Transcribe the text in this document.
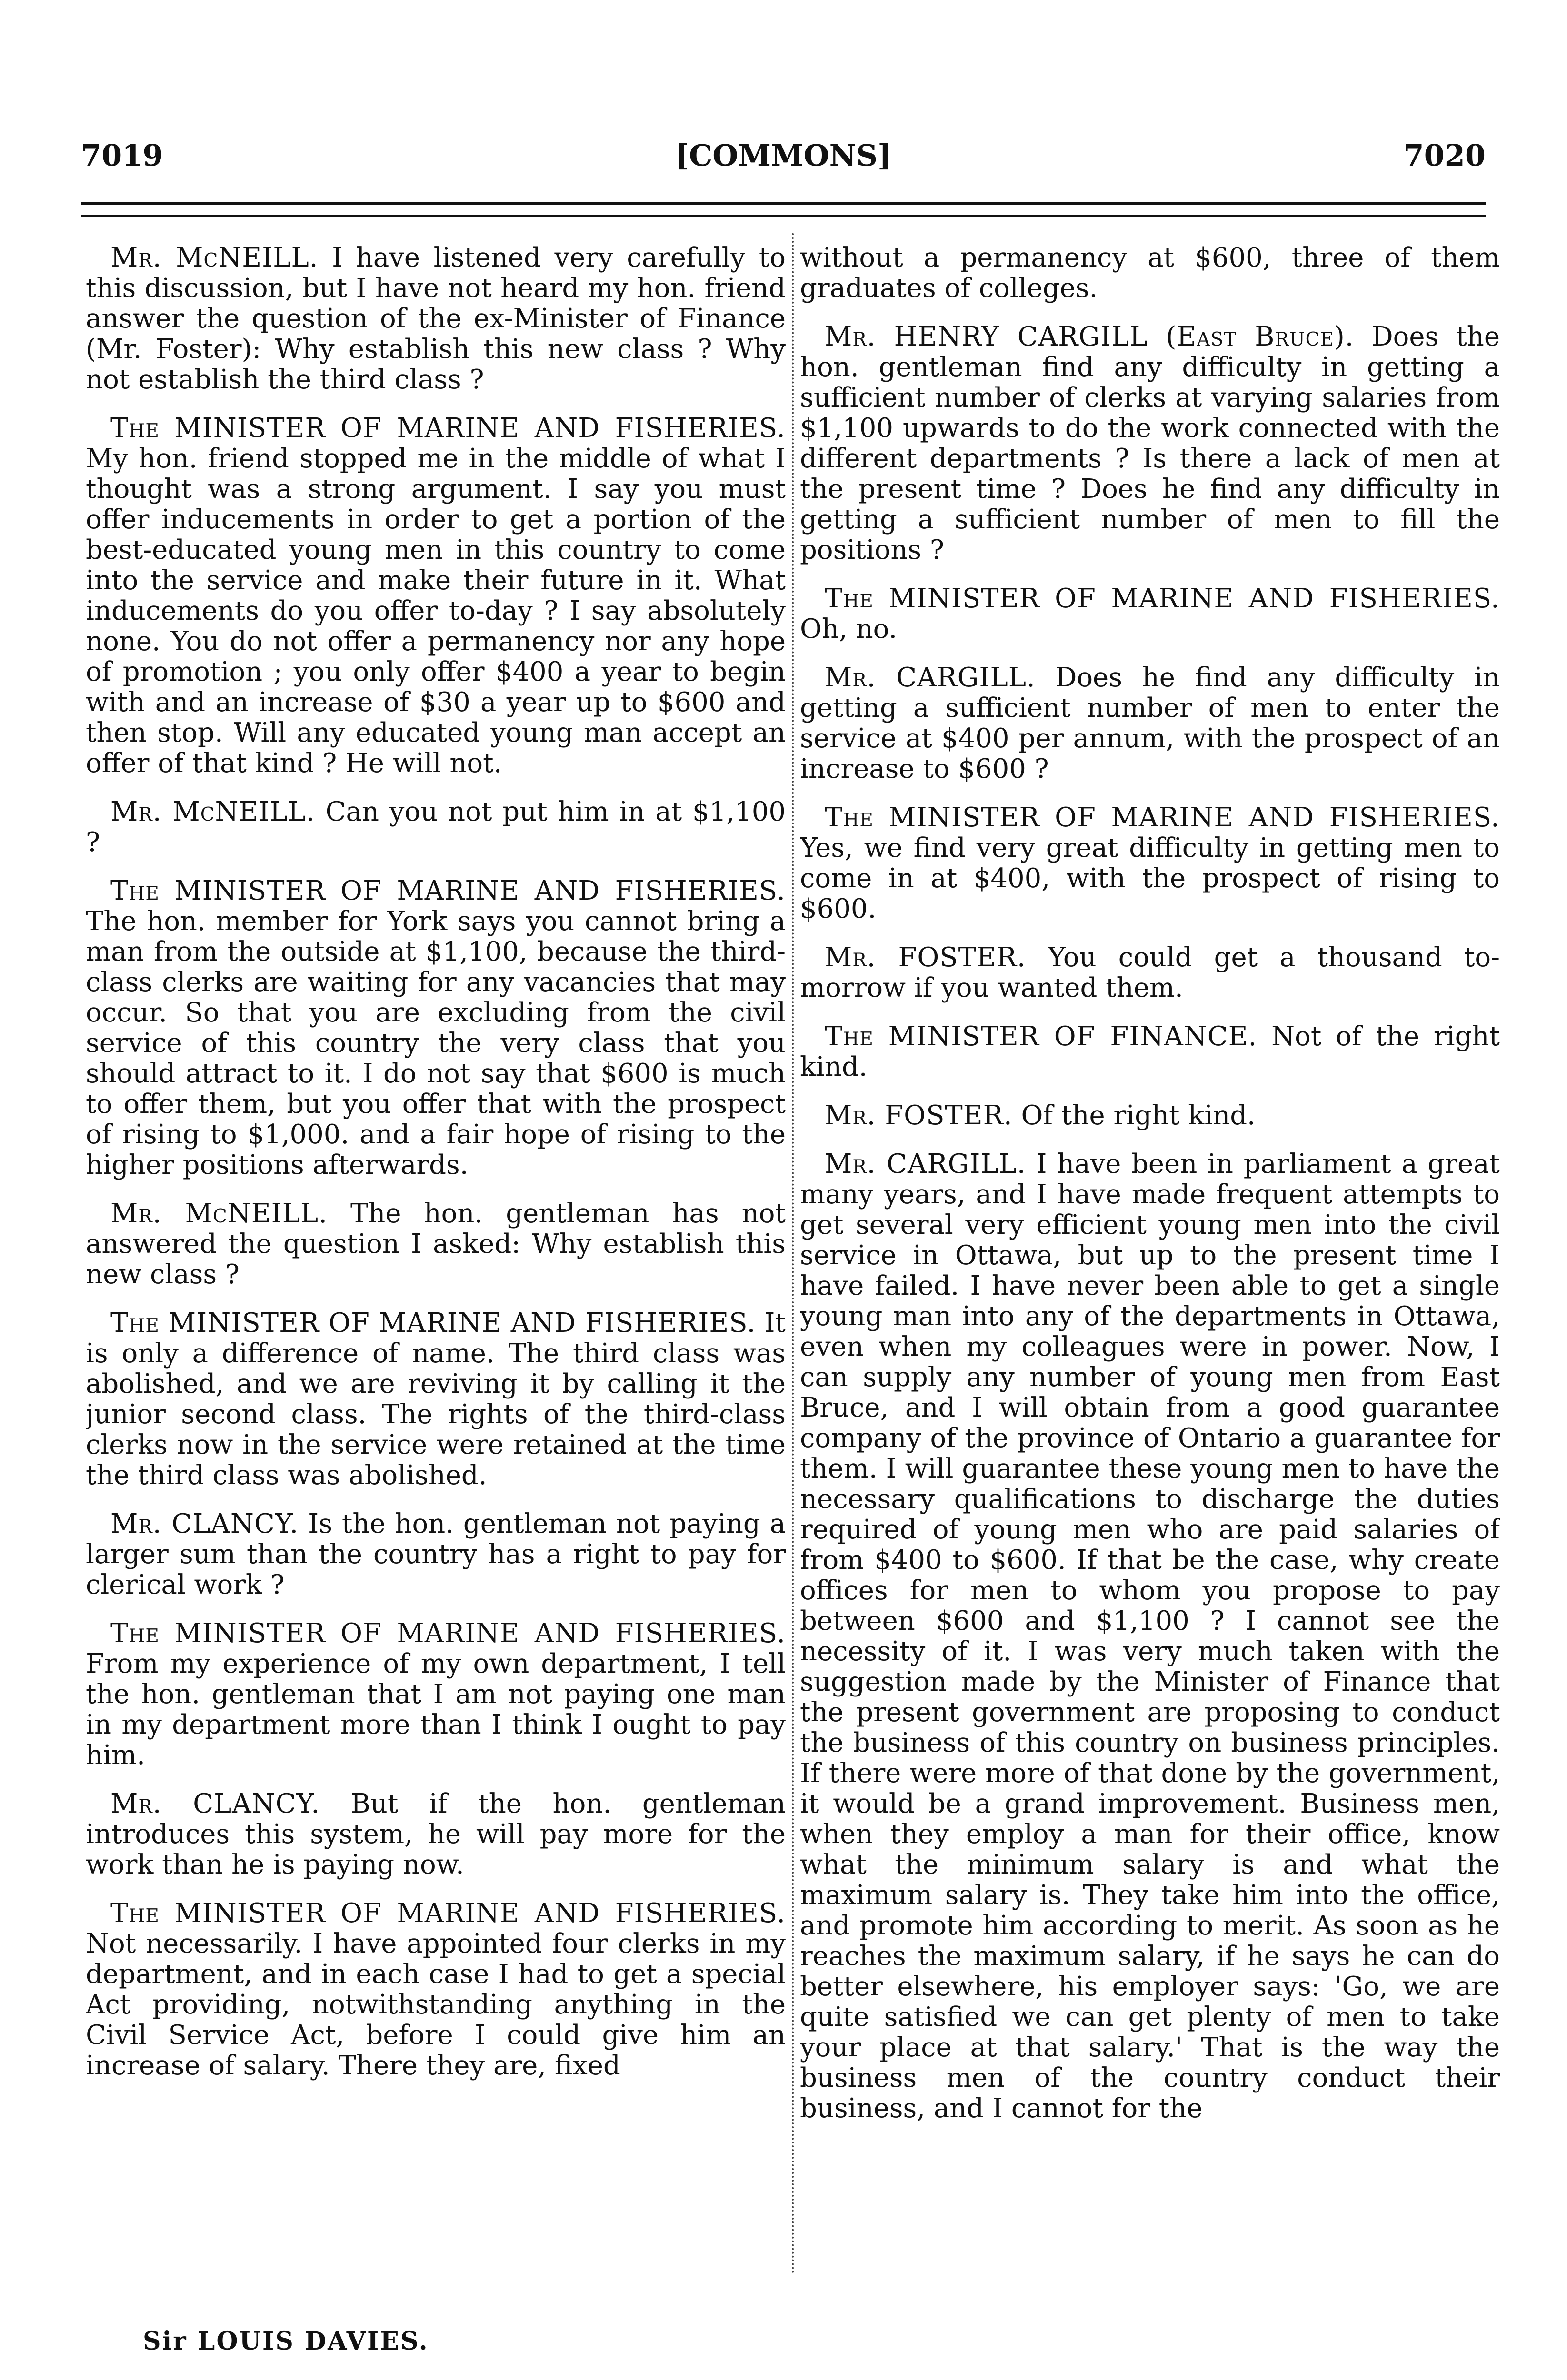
[COMMONS]
7019	7020

Mr. McNEILL. I have listened very carefully to this discussion, but I have not heard my hon. friend answer the question of the ex-Minister of Finance (Mr. Foster): Why establish this new class ? Why not establish the third class ?

The MINISTER OF MARINE AND FISHERIES. My hon. friend stopped me in the middle of what I thought was a strong argument. I say you must offer inducements in order to get a portion of the best-educated young men in this country to come into the service and make their future in it. What inducements do you offer to-day ? I say absolutely none. You do not offer a permanency nor any hope of promotion ; you only offer $400 a year to begin with and an increase of $30 a year up to $600 and then stop. Will any educated young man accept an offer of that kind ? He will not.

Mr. McNEILL. Can you not put him in at $1,100 ?

The MINISTER OF MARINE AND FISHERIES. The hon. member for York says you cannot bring a man from the outside at $1,100, because the third-class clerks are waiting for any vacancies that may occur. So that you are excluding from the civil service of this country the very class that you should attract to it. I do not say that $600 is much to offer them, but you offer that with the prospect of rising to $1,000. and a fair hope of rising to the higher positions afterwards.

Mr. McNEILL. The hon. gentleman has not answered the question I asked: Why establish this new class ?

The MINISTER OF MARINE AND FISHERIES. It is only a difference of name. The third class was abolished, and we are reviving it by calling it the junior second class. The rights of the third-class clerks now in the service were retained at the time the third class was abolished.

Mr. CLANCY. Is the hon. gentleman not paying a larger sum than the country has a right to pay for clerical work ?

The MINISTER OF MARINE AND FISHERIES. From my experience of my own department, I tell the hon. gentleman that I am not paying one man in my department more than I think I ought to pay him.

Mr. CLANCY. But if the hon. gentleman introduces this system, he will pay more for the work than he is paying now.

The MINISTER OF MARINE AND FISHERIES. Not necessarily. I have appointed four clerks in my department, and in each case I had to get a special Act providing, notwithstanding anything in the Civil Service Act, before I could give him an increase of salary. There they are, fixed

without a permanency at $600, three of them graduates of colleges.

Mr. HENRY CARGILL (East Bruce). Does the hon. gentleman find any difficulty in getting a sufficient number of clerks at varying salaries from $1,100 upwards to do the work connected with the different departments ? Is there a lack of men at the present time ? Does he find any difficulty in getting a sufficient number of men to fill the positions ?

The MINISTER OF MARINE AND FISHERIES. Oh, no.

Mr. CARGILL. Does he find any difficulty in getting a sufficient number of men to enter the service at $400 per annum, with the prospect of an increase to $600 ?

The MINISTER OF MARINE AND FISHERIES. Yes, we find very great difficulty in getting men to come in at $400, with the prospect of rising to $600.

Mr. FOSTER. You could get a thousand to-morrow if you wanted them.

The MINISTER OF FINANCE. Not of the right kind.

Mr. FOSTER. Of the right kind.

Mr. CARGILL. I have been in parliament a great many years, and I have made frequent attempts to get several very efficient young men into the civil service in Ottawa, but up to the present time I have failed. I have never been able to get a single young man into any of the departments in Ottawa, even when my colleagues were in power. Now, I can supply any number of young men from East Bruce, and I will obtain from a good guarantee company of the province of Ontario a guarantee for them. I will guarantee these young men to have the necessary qualifications to discharge the duties required of young men who are paid salaries of from $400 to $600. If that be the case, why create offices for men to whom you propose to pay between $600 and $1,100 ? I cannot see the necessity of it. I was very much taken with the suggestion made by the Minister of Finance that the present government are proposing to conduct the business of this country on business principles. If there were more of that done by the government, it would be a grand improvement. Business men, when they employ a man for their office, know what the minimum salary is and what the maximum salary is. They take him into the office, and promote him according to merit. As soon as he reaches the maximum salary, if he says he can do better elsewhere, his employer says: 'Go, we are quite satisfied we can get plenty of men to take your place at that salary.' That is the way the business men of the country conduct their business, and I cannot for the

Sir LOUIS DAVIES.
